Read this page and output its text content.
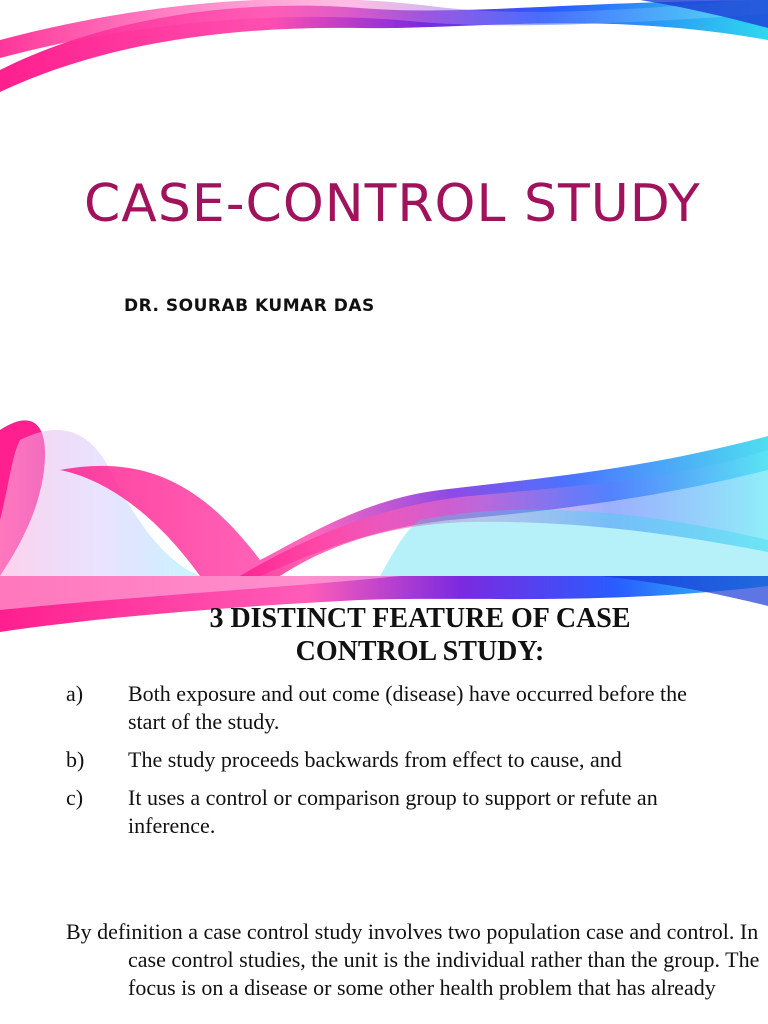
CASE-CONTROL STUDY
DR. SOURAB KUMAR DAS
3 DISTINCT FEATURE OF CASE CONTROL STUDY:
a) Both exposure and out come (disease) have occurred before the start of the study.
b) The study proceeds backwards from effect to cause, and
c) It uses a control or comparison group to support or refute an inference.

By definition a case control study involves two population case and control. In case control studies, the unit is the individual rather than the group. The focus is on a disease or some other health problem that has already
